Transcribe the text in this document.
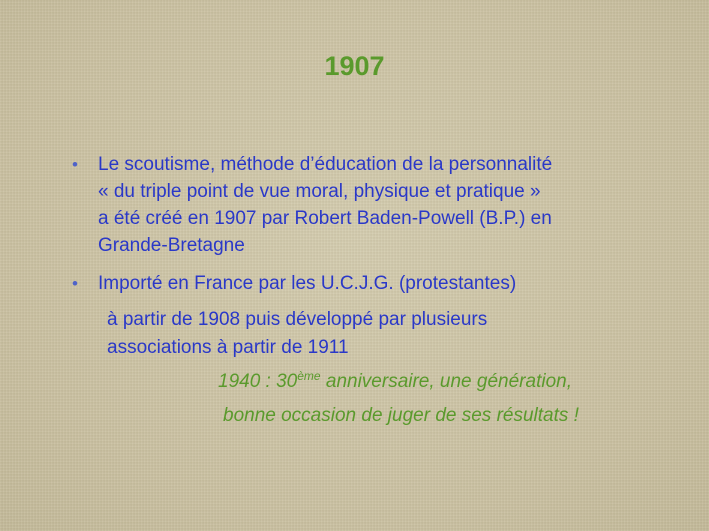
1907
• Le scoutisme, méthode d’éducation de la personnalité
« du triple point de vue moral, physique et pratique »
a été créé en 1907 par Robert Baden-Powell (B.P.) en
Grande-Bretagne
• Importé en France par les U.C.J.G. (protestantes)
à partir de 1908 puis développé par plusieurs
associations à partir de 1911
1940 : 30ème anniversaire, une génération,
bonne occasion de juger de ses résultats !
